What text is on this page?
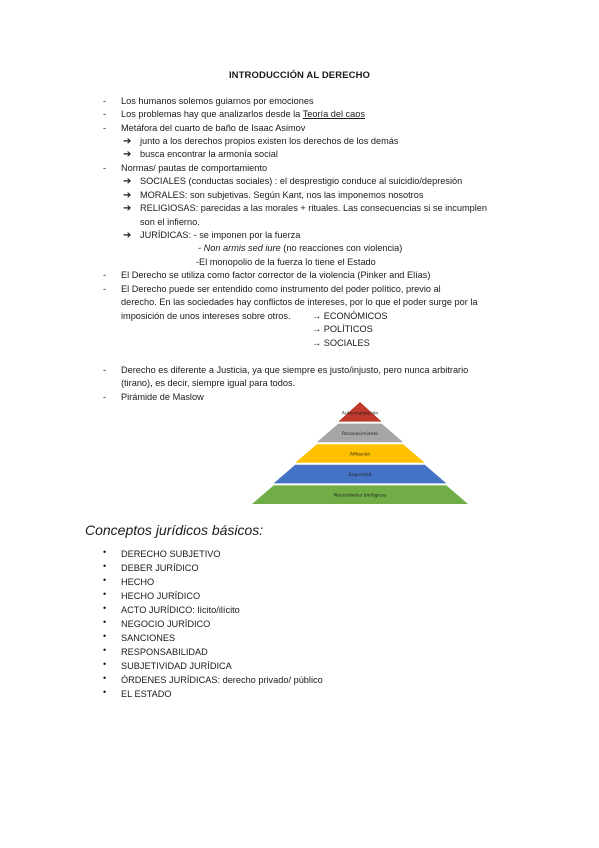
INTRODUCCIÓN AL DERECHO
- Los humanos solemos guiarnos por emociones
- Los problemas hay que analizarlos desde la Teoría del caos
- Metáfora del cuarto de baño de Isaac Asimov
➔ junto a los derechos propios existen los derechos de los demás
➔ busca encontrar la armonía social
- Normas/ pautas de comportamiento
➔ SOCIALES (conductas sociales) : el desprestigio conduce al suicidio/depresión
➔ MORALES: son subjetivas. Según Kant, nos las imponemos nosotros
➔ RELIGIOSAS: parecidas a las morales + rituales. Las consecuencias si se incumplen
son el infierno.
➔ JURÍDICAS: - se imponen por la fuerza
- Non armis sed iure (no reacciones con violencia)
-El monopolio de la fuerza lo tiene el Estado
- El Derecho se utiliza como factor corrector de la violencia (Pinker and Elías)
- El Derecho puede ser entendido como instrumento del poder político, previo al
derecho. En las sociedades hay conflictos de intereses, por lo que el poder surge por la
imposición de unos intereses sobre otros. → ECONÓMICOS
→ POLÍTICOS
→ SOCIALES
- Derecho es diferente a Justicia, ya que siempre es justo/injusto, pero nunca arbitrario
(tirano), es decir, siempre igual para todos.
- Pirámide de Maslow
Autorrealización
Reconocimiento
Afiliación
Seguridad
Necesidades biológicas
Conceptos jurídicos básicos:
• DERECHO SUBJETIVO
• DEBER JURÍDICO
• HECHO
• HECHO JURÍDICO
• ACTO JURÍDICO: lícito/ilícito
• NEGOCIO JURÍDICO
• SANCIONES
• RESPONSABILIDAD
• SUBJETIVIDAD JURÍDICA
• ÓRDENES JURÍDICAS: derecho privado/ público
• EL ESTADO
